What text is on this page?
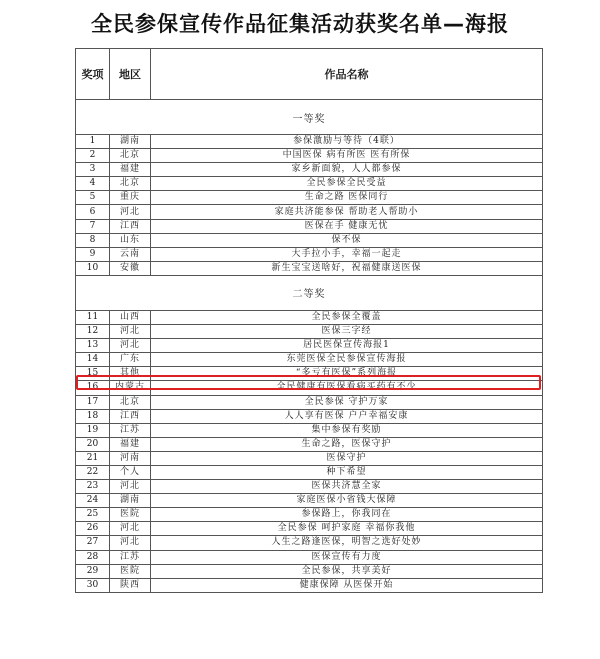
全民参保宣传作品征集活动获奖名单—海报
奖项	地区	作品名称
一等奖		
1	湖南	参保激励与等待（4联）
2	北京	中国医保 病有所医 医有所保
3	福建	家乡新面貌，人人都参保
4	北京	全民参保全民受益
5	重庆	生命之路 医保同行
6	河北	家庭共济能参保 帮助老人帮助小
7	江西	医保在手 健康无忧
8	山东	保不保
9	云南	大手拉小手，幸福一起走
10	安徽	新生宝宝送啥好，祝福健康送医保
二等奖		
11	山西	全民参保全覆盖
12	河北	医保三字经
13	河北	居民医保宣传海报1
14	广东	东莞医保全民参保宣传海报
15	其他	“多亏有医保”系列海报
16	内蒙古	全民健康有医保看病买药有不少
17	北京	全民参保 守护万家
18	江西	人人享有医保 户户幸福安康
19	江苏	集中参保有奖励
20	福建	生命之路，医保守护
21	河南	医保守护
22	个人	种下希望
23	河北	医保共济慧全家
24	湖南	家庭医保小省钱大保障
25	医院	参保路上，你我同在
26	河北	全民参保 呵护家庭 幸福你我他
27	河北	人生之路逢医保，明智之选好处妙
28	江苏	医保宣传有力度
29	医院	全民参保，共享美好
30	陕西	健康保障 从医保开始
